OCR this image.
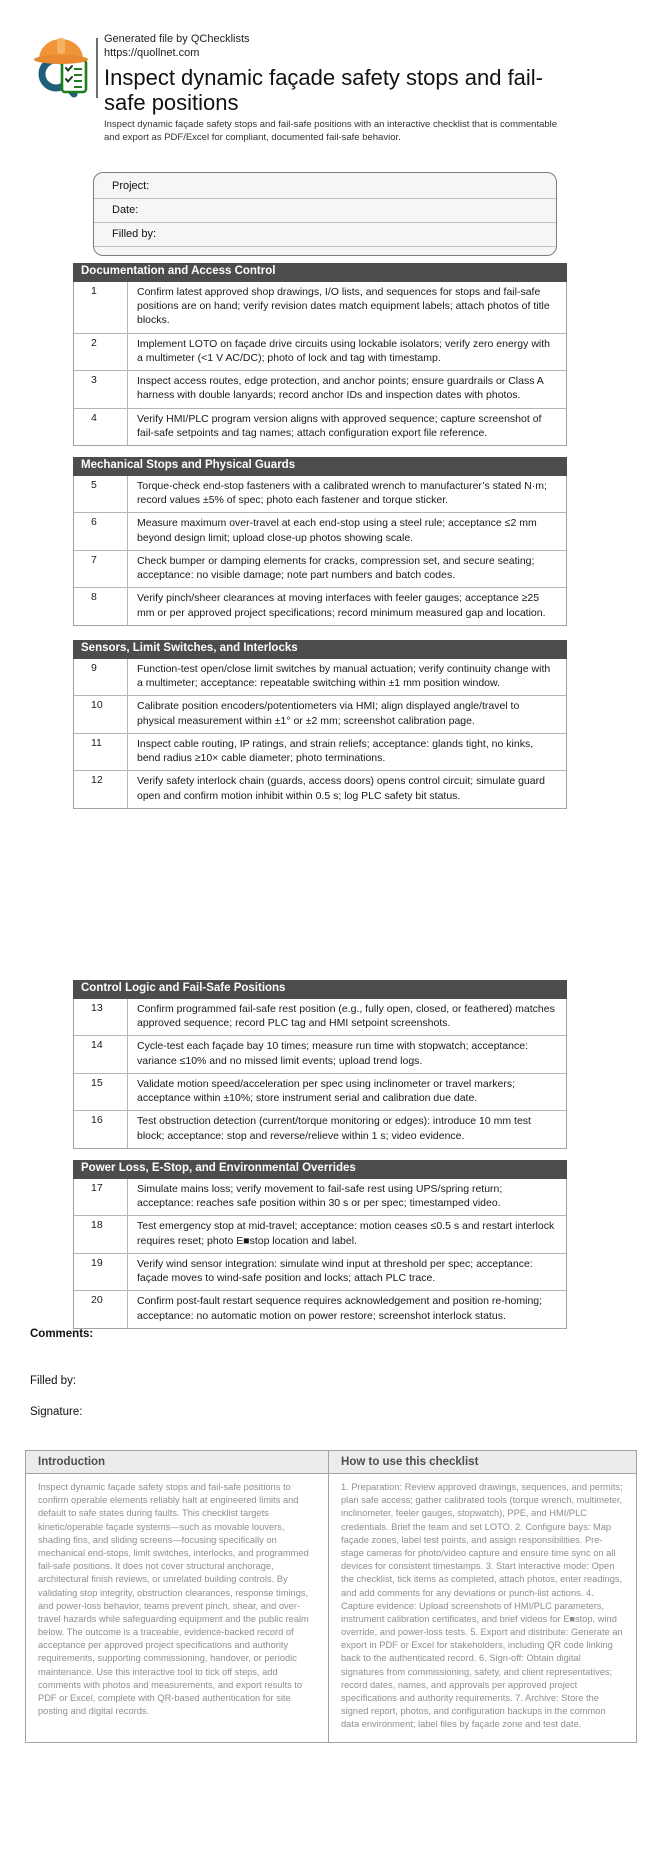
Generated file by QChecklists
https://quollnet.com
Inspect dynamic façade safety stops and fail-safe positions
Inspect dynamic façade safety stops and fail-safe positions with an interactive checklist that is commentable and export as PDF/Excel for compliant, documented fail-safe behavior.
Project:
Date:
Filled by:
Documentation and Access Control
1	Confirm latest approved shop drawings, I/O lists, and sequences for stops and fail-safe positions are on hand; verify revision dates match equipment labels; attach photos of title blocks.
2	Implement LOTO on façade drive circuits using lockable isolators; verify zero energy with a multimeter (<1 V AC/DC); photo of lock and tag with timestamp.
3	Inspect access routes, edge protection, and anchor points; ensure guardrails or Class A harness with double lanyards; record anchor IDs and inspection dates with photos.
4	Verify HMI/PLC program version aligns with approved sequence; capture screenshot of fail-safe setpoints and tag names; attach configuration export file reference.
Mechanical Stops and Physical Guards
5	Torque-check end-stop fasteners with a calibrated wrench to manufacturer’s stated N·m; record values ±5% of spec; photo each fastener and torque sticker.
6	Measure maximum over-travel at each end-stop using a steel rule; acceptance ≤2 mm beyond design limit; upload close-up photos showing scale.
7	Check bumper or damping elements for cracks, compression set, and secure seating; acceptance: no visible damage; note part numbers and batch codes.
8	Verify pinch/sheer clearances at moving interfaces with feeler gauges; acceptance ≥25 mm or per approved project specifications; record minimum measured gap and location.
Sensors, Limit Switches, and Interlocks
9	Function-test open/close limit switches by manual actuation; verify continuity change with a multimeter; acceptance: repeatable switching within ±1 mm position window.
10	Calibrate position encoders/potentiometers via HMI; align displayed angle/travel to physical measurement within ±1° or ±2 mm; screenshot calibration page.
11	Inspect cable routing, IP ratings, and strain reliefs; acceptance: glands tight, no kinks, bend radius ≥10× cable diameter; photo terminations.
12	Verify safety interlock chain (guards, access doors) opens control circuit; simulate guard open and confirm motion inhibit within 0.5 s; log PLC safety bit status.
Control Logic and Fail-Safe Positions
13	Confirm programmed fail-safe rest position (e.g., fully open, closed, or feathered) matches approved sequence; record PLC tag and HMI setpoint screenshots.
14	Cycle-test each façade bay 10 times; measure run time with stopwatch; acceptance: variance ≤10% and no missed limit events; upload trend logs.
15	Validate motion speed/acceleration per spec using inclinometer or travel markers; acceptance within ±10%; store instrument serial and calibration due date.
16	Test obstruction detection (current/torque monitoring or edges): introduce 10 mm test block; acceptance: stop and reverse/relieve within 1 s; video evidence.
Power Loss, E-Stop, and Environmental Overrides
17	Simulate mains loss; verify movement to fail-safe rest using UPS/spring return; acceptance: reaches safe position within 30 s or per spec; timestamped video.
18	Test emergency stop at mid-travel; acceptance: motion ceases ≤0.5 s and restart interlock requires reset; photo E■stop location and label.
19	Verify wind sensor integration: simulate wind input at threshold per spec; acceptance: façade moves to wind-safe position and locks; attach PLC trace.
20	Confirm post-fault restart sequence requires acknowledgement and position re-homing; acceptance: no automatic motion on power restore; screenshot interlock status.
Comments:
Filled by:
Signature:
Introduction	How to use this checklist
Inspect dynamic façade safety stops and fail-safe positions to confirm operable elements reliably halt at engineered limits and default to safe states during faults. This checklist targets kinetic/operable façade systems—such as movable louvers, shading fins, and sliding screens—focusing specifically on mechanical end-stops, limit switches, interlocks, and programmed fail-safe positions. It does not cover structural anchorage, architectural finish reviews, or unrelated building controls. By validating stop integrity, obstruction clearances, response timings, and power-loss behavior, teams prevent pinch, shear, and over-travel hazards while safeguarding equipment and the public realm below. The outcome is a traceable, evidence-backed record of acceptance per approved project specifications and authority requirements, supporting commissioning, handover, or periodic maintenance. Use this interactive tool to tick off steps, add comments with photos and measurements, and export results to PDF or Excel, complete with QR-based authentication for site posting and digital records.
1. Preparation: Review approved drawings, sequences, and permits; plan safe access; gather calibrated tools (torque wrench, multimeter, inclinometer, feeler gauges, stopwatch), PPE, and HMI/PLC credentials. Brief the team and set LOTO. 2. Configure bays: Map façade zones, label test points, and assign responsibilities. Pre-stage cameras for photo/video capture and ensure time sync on all devices for consistent timestamps. 3. Start interactive mode: Open the checklist, tick items as completed, attach photos, enter readings, and add comments for any deviations or punch-list actions. 4. Capture evidence: Upload screenshots of HMI/PLC parameters, instrument calibration certificates, and brief videos for E■stop, wind override, and power-loss tests. 5. Export and distribute: Generate an export in PDF or Excel for stakeholders, including QR code linking back to the authenticated record. 6. Sign-off: Obtain digital signatures from commissioning, safety, and client representatives; record dates, names, and approvals per approved project specifications and authority requirements. 7. Archive: Store the signed report, photos, and configuration backups in the common data environment; label files by façade zone and test date.
